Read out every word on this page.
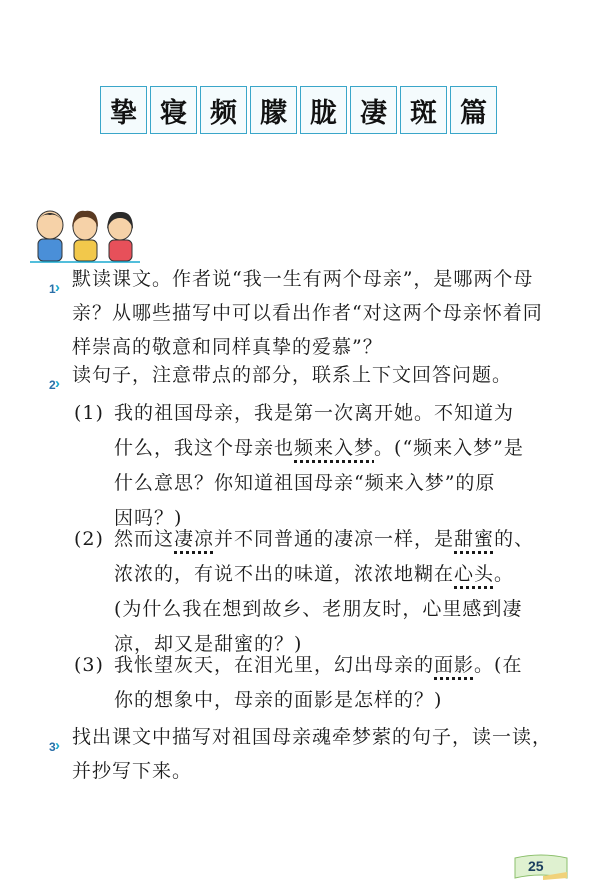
挚 寝 频 朦 胧 凄 斑 篇
1
› 默读课文。作者说“我一生有两个母亲”，是哪两个母
亲？从哪些描写中可以看出作者“对这两个母亲怀着同
样崇高的敬意和同样真挚的爱慕”？
2
› 读句子，注意带点的部分，联系上下文回答问题。
(1) 我的祖国母亲，我是第一次离开她。不知道为
什么，我这个母亲也频来入梦。(“频来入梦”是
什么意思？你知道祖国母亲“频来入梦”的原
因吗？)
(2) 然而这凄凉并不同普通的凄凉一样，是甜蜜的、
浓浓的，有说不出的味道，浓浓地糊在心头。
(为什么我在想到故乡、老朋友时，心里感到凄
凉，却又是甜蜜的？)
(3) 我怅望灰天，在泪光里，幻出母亲的面影。(在
你的想象中，母亲的面影是怎样的？)
3
› 找出课文中描写对祖国母亲魂牵梦萦的句子，读一读，
并抄写下来。
25
